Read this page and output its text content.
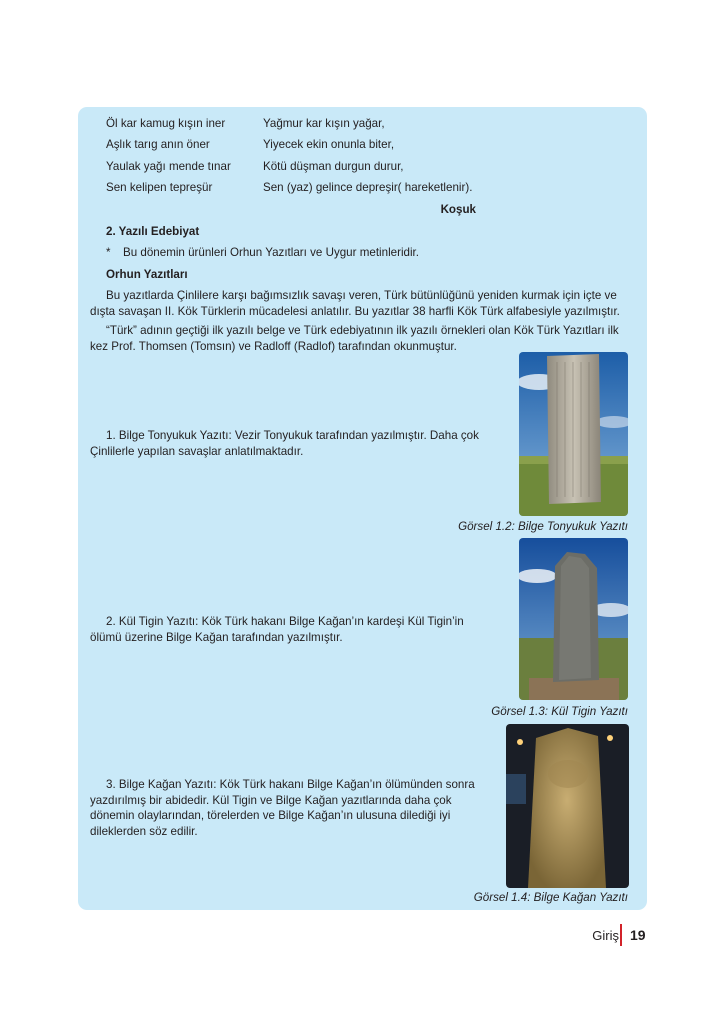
Öl kar kamug kışın iner	Yağmur kar kışın yağar,
Aşlık tarıg anın öner	Yiyecek ekin onunla biter,
Yaulak yağı mende tınar	Kötü düşman durgun durur,
Sen kelipen tepreşür	Sen (yaz) gelince depreşir( hareketlenir).
Koşuk
2. Yazılı Edebiyat
* Bu dönemin ürünleri Orhun Yazıtları ve Uygur metinleridir.
Orhun Yazıtları
Bu yazıtlarda Çinlilere karşı bağımsızlık savaşı veren, Türk bütünlüğünü yeniden kurmak için içte ve dışta savaşan II. Kök Türklerin mücadelesi anlatılır. Bu yazıtlar 38 harfli Kök Türk alfabesiyle yazılmıştır.
“Türk” adının geçtiği ilk yazılı belge ve Türk edebiyatının ilk yazılı örnekleri olan Kök Türk Yazıtları ilk kez Prof. Thomsen (Tomsın) ve Radloff (Radlof) tarafından okunmuştur.
1. Bilge Tonyukuk Yazıtı: Vezir Tonyukuk tarafından yazılmıştır. Daha çok Çinlilerle yapılan savaşlar anlatılmaktadır.
Görsel 1.2: Bilge Tonyukuk Yazıtı
2. Kül Tigin Yazıtı: Kök Türk hakanı Bilge Kağan’ın kardeşi Kül Tigin’in ölümü üzerine Bilge Kağan tarafından yazılmıştır.
Görsel 1.3: Kül Tigin Yazıtı
3. Bilge Kağan Yazıtı: Kök Türk hakanı Bilge Kağan’ın ölümünden sonra yazdırılmış bir abidedir. Kül Tigin ve Bilge Kağan yazıtlarında daha çok dönemin olaylarından, törelerden ve Bilge Kağan’ın ulusuna dilediği iyi dileklerden söz edilir.
Görsel 1.4: Bilge Kağan Yazıtı
Giriş 19
